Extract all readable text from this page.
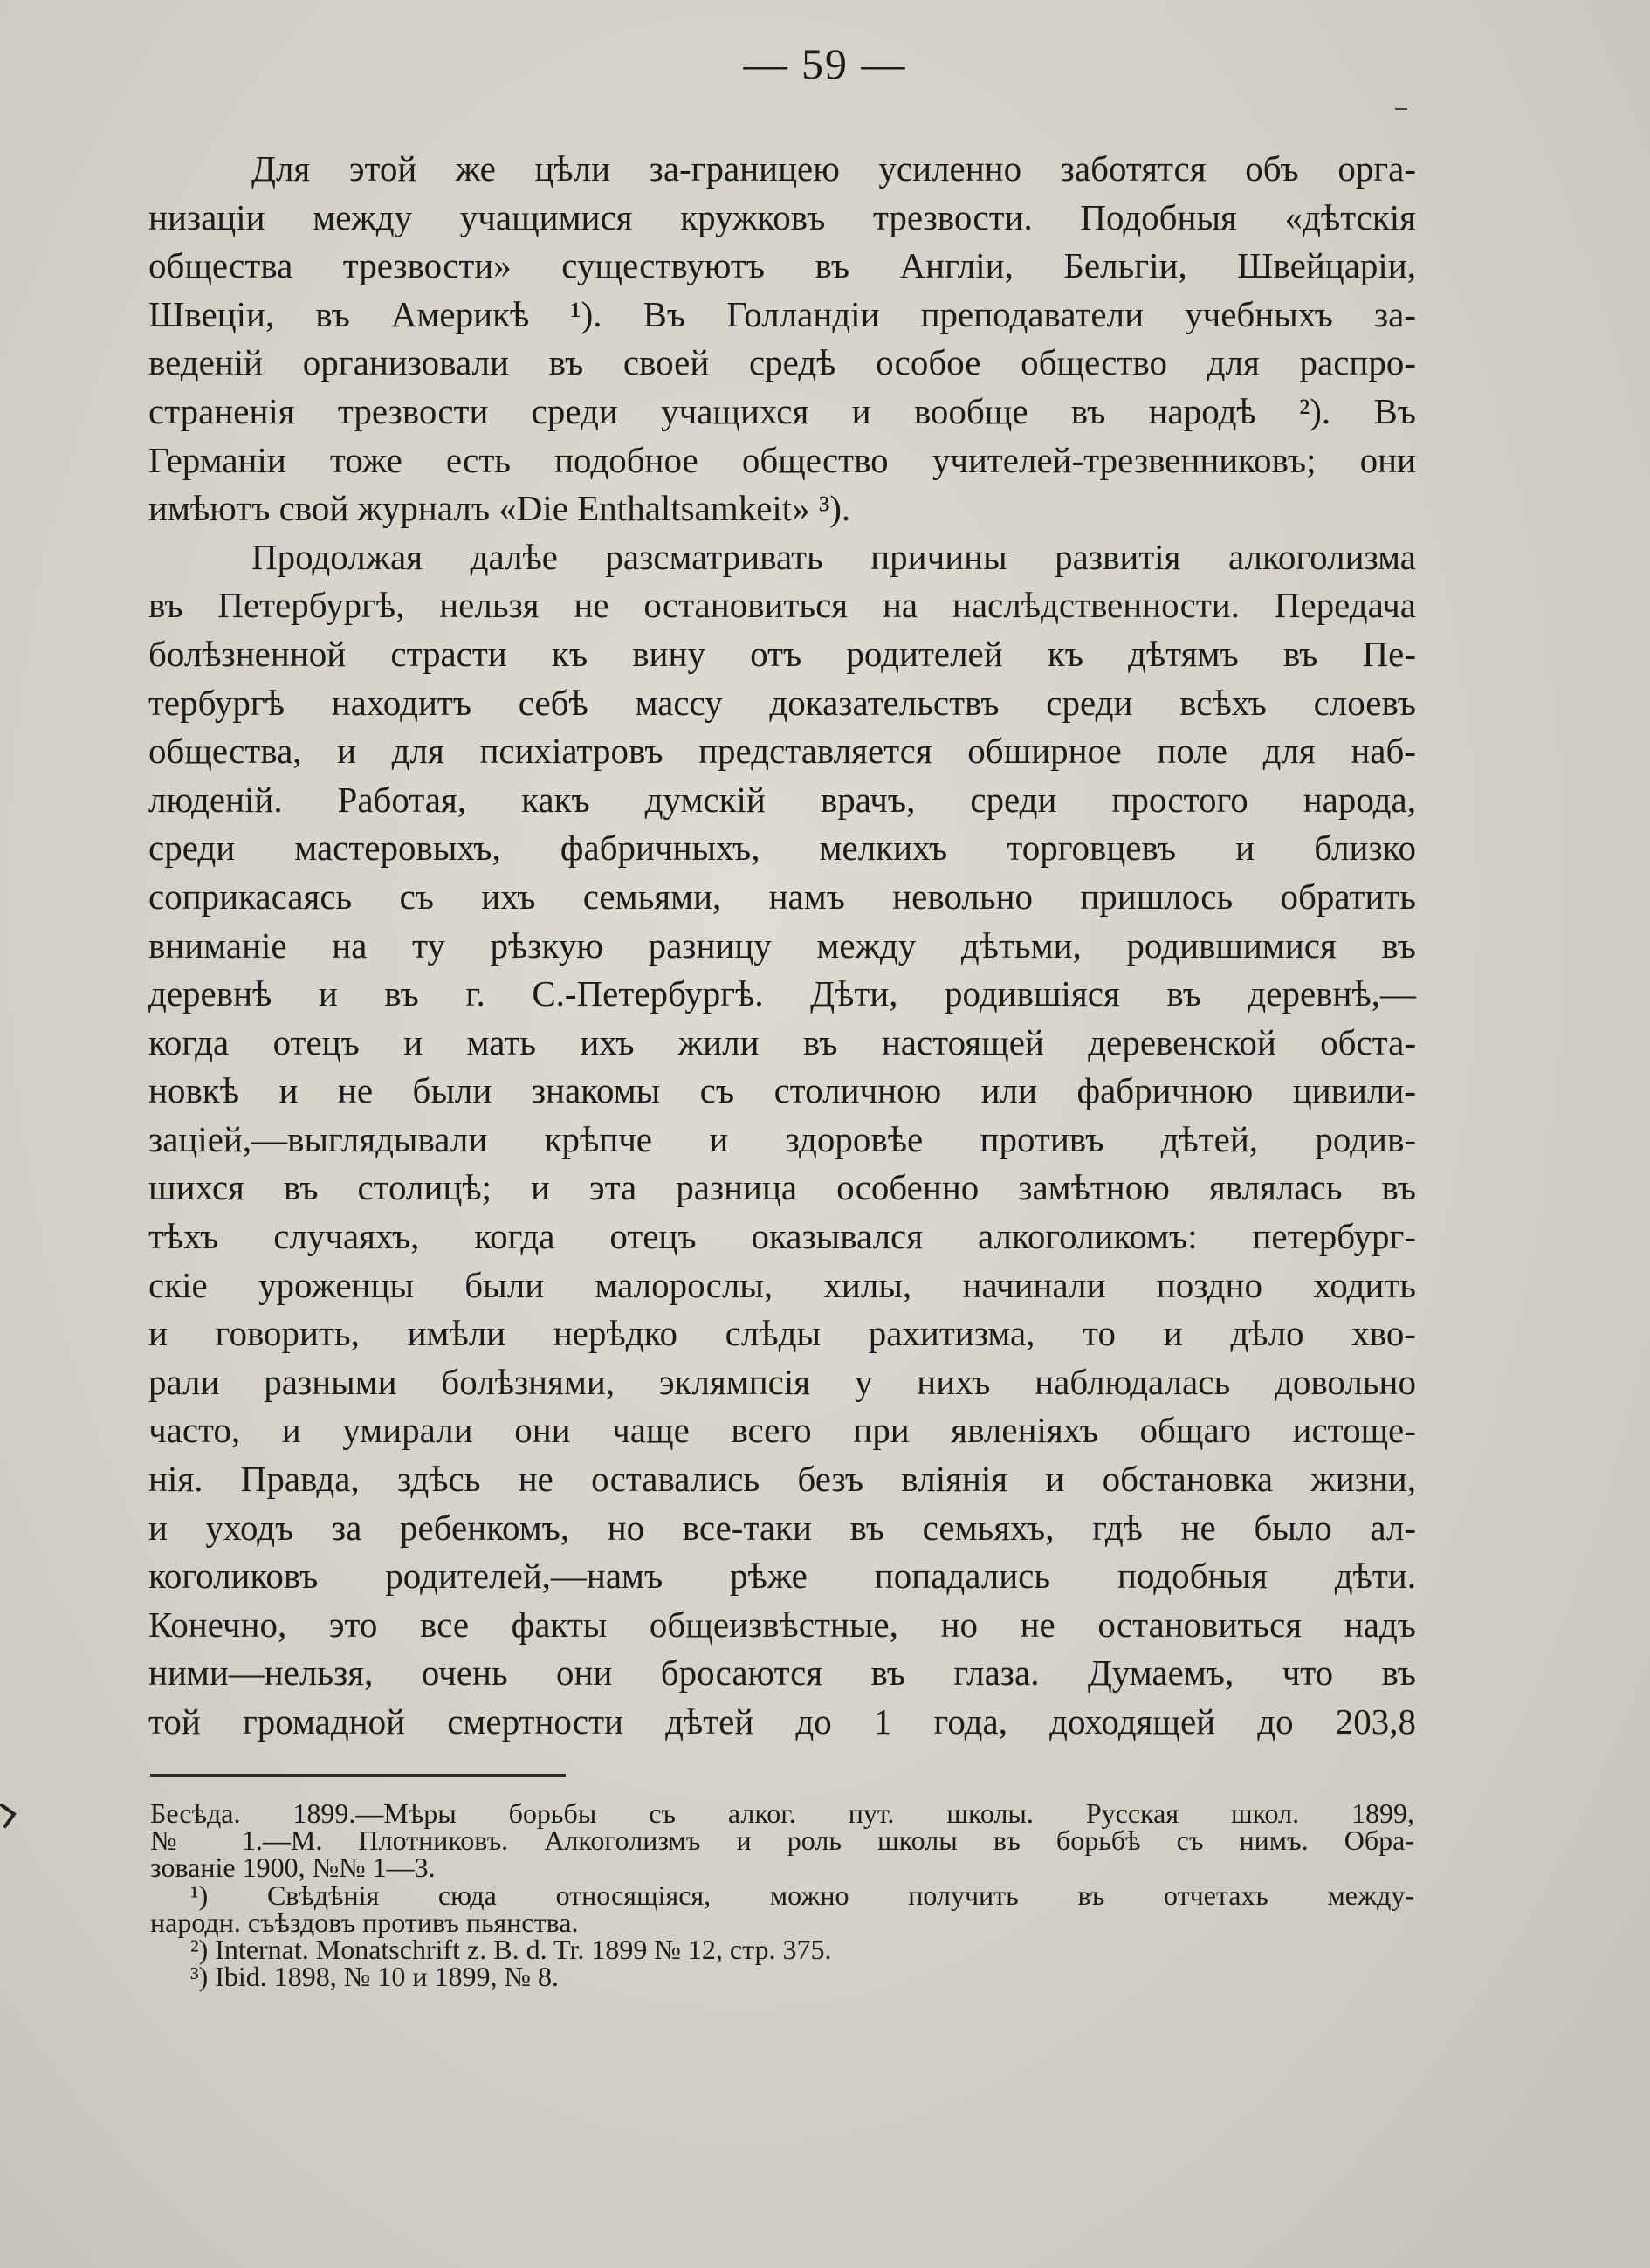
— 59 —
Для этой же цѣли за-границею усиленно заботятся объ орга-
низаціи между учащимися кружковъ трезвости. Подобныя «дѣтскія
общества трезвости» существуютъ въ Англіи, Бельгіи, Швейцаріи,
Швеціи, въ Америкѣ ¹). Въ Голландіи преподаватели учебныхъ за-
веденій организовали въ своей средѣ особое общество для распро-
страненія трезвости среди учащихся и вообще въ народѣ ²). Въ
Германіи тоже есть подобное общество учителей-трезвенниковъ; они
имѣютъ свой журналъ «Die Enthaltsamkeit» ³).
Продолжая далѣе разсматривать причины развитія алкоголизма
въ Петербургѣ, нельзя не остановиться на наслѣдственности. Передача
болѣзненной страсти къ вину отъ родителей къ дѣтямъ въ Пе-
тербургѣ находитъ себѣ массу доказательствъ среди всѣхъ слоевъ
общества, и для психіатровъ представляется обширное поле для наб-
люденій. Работая, какъ думскій врачъ, среди простого народа,
среди мастеровыхъ, фабричныхъ, мелкихъ торговцевъ и близко
соприкасаясь съ ихъ семьями, намъ невольно пришлось обратить
вниманіе на ту рѣзкую разницу между дѣтьми, родившимися въ
деревнѣ и въ г. С.-Петербургѣ. Дѣти, родившіяся въ деревнѣ,—
когда отецъ и мать ихъ жили въ настоящей деревенской обста-
новкѣ и не были знакомы съ столичною или фабричною цивили-
заціей,—выглядывали крѣпче и здоровѣе противъ дѣтей, родив-
шихся въ столицѣ; и эта разница особенно замѣтною являлась въ
тѣхъ случаяхъ, когда отецъ оказывался алкоголикомъ: петербург-
скіе уроженцы были малорослы, хилы, начинали поздно ходить
и говорить, имѣли нерѣдко слѣды рахитизма, то и дѣло хво-
рали разными болѣзнями, эклямпсія у нихъ наблюдалась довольно
часто, и умирали они чаще всего при явленіяхъ общаго истоще-
нія. Правда, здѣсь не оставались безъ вліянія и обстановка жизни,
и уходъ за ребенкомъ, но все-таки въ семьяхъ, гдѣ не было ал-
коголиковъ родителей,—намъ рѣже попадались подобныя дѣти.
Конечно, это все факты общеизвѣстные, но не остановиться надъ
ними—нельзя, очень они бросаются въ глаза. Думаемъ, что въ
той громадной смертности дѣтей до 1 года, доходящей до 203,8
Бесѣда. 1899.—Мѣры борьбы съ алког. пут. школы. Русская школ. 1899,
№ 1.—М. Плотниковъ. Алкоголизмъ и роль школы въ борьбѣ съ нимъ. Обра-
зованіе 1900, №№ 1—3.
¹) Свѣдѣнія сюда относящіяся, можно получить въ отчетахъ между-
народн. съѣздовъ противъ пьянства.
²) Internat. Monatschrift z. B. d. Tr. 1899 № 12, стр. 375.
³) Ibid. 1898, № 10 и 1899, № 8.
